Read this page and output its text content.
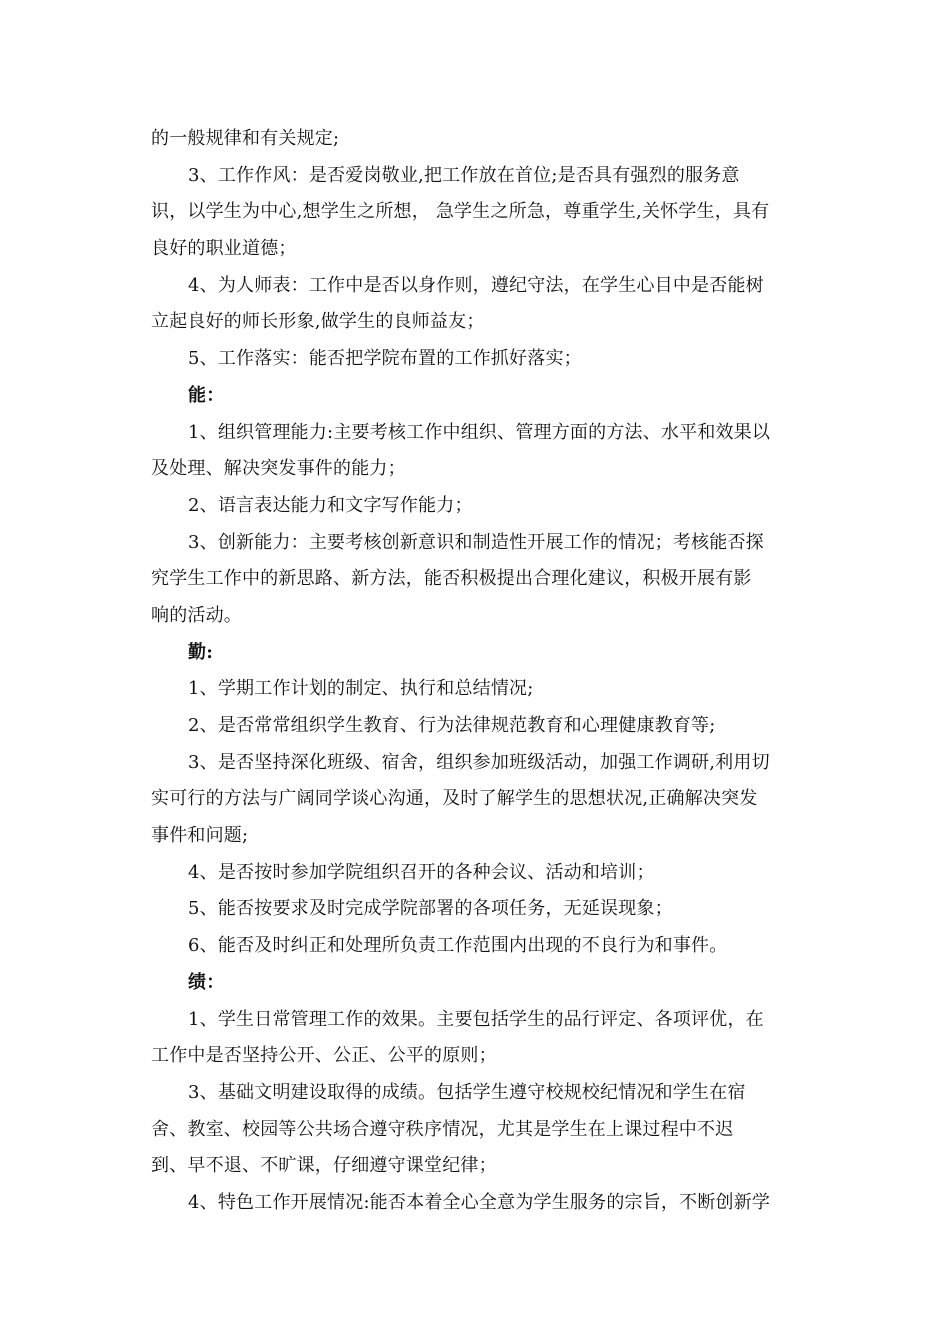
的一般规律和有关规定;
3、工作作风：是否爱岗敬业,把工作放在首位;是否具有强烈的服务意
识，以学生为中心,想学生之所想， 急学生之所急，尊重学生,关怀学生，具有
良好的职业道德；
4、为人师表：工作中是否以身作则，遵纪守法，在学生心目中是否能树
立起良好的师长形象,做学生的良师益友；
5、工作落实：能否把学院布置的工作抓好落实；
能：
1、组织管理能力:主要考核工作中组织、管理方面的方法、水平和效果以
及处理、解决突发事件的能力；
2、语言表达能力和文字写作能力；
3、创新能力：主要考核创新意识和制造性开展工作的情况；考核能否探
究学生工作中的新思路、新方法，能否积极提出合理化建议，积极开展有影
响的活动。
勤:
1、学期工作计划的制定、执行和总结情况;
2、是否常常组织学生教育、行为法律规范教育和心理健康教育等;
3、是否坚持深化班级、宿舍，组织参加班级活动，加强工作调研,利用切
实可行的方法与广阔同学谈心沟通，及时了解学生的思想状况,正确解决突发
事件和问题;
4、是否按时参加学院组织召开的各种会议、活动和培训；
5、能否按要求及时完成学院部署的各项任务，无延误现象；
6、能否及时纠正和处理所负责工作范围内出现的不良行为和事件。
绩：
1、学生日常管理工作的效果。主要包括学生的品行评定、各项评优，在
工作中是否坚持公开、公正、公平的原则；
3、基础文明建设取得的成绩。包括学生遵守校规校纪情况和学生在宿
舍、教室、校园等公共场合遵守秩序情况，尤其是学生在上课过程中不迟
到、早不退、不旷课，仔细遵守课堂纪律；
4、特色工作开展情况:能否本着全心全意为学生服务的宗旨，不断创新学
